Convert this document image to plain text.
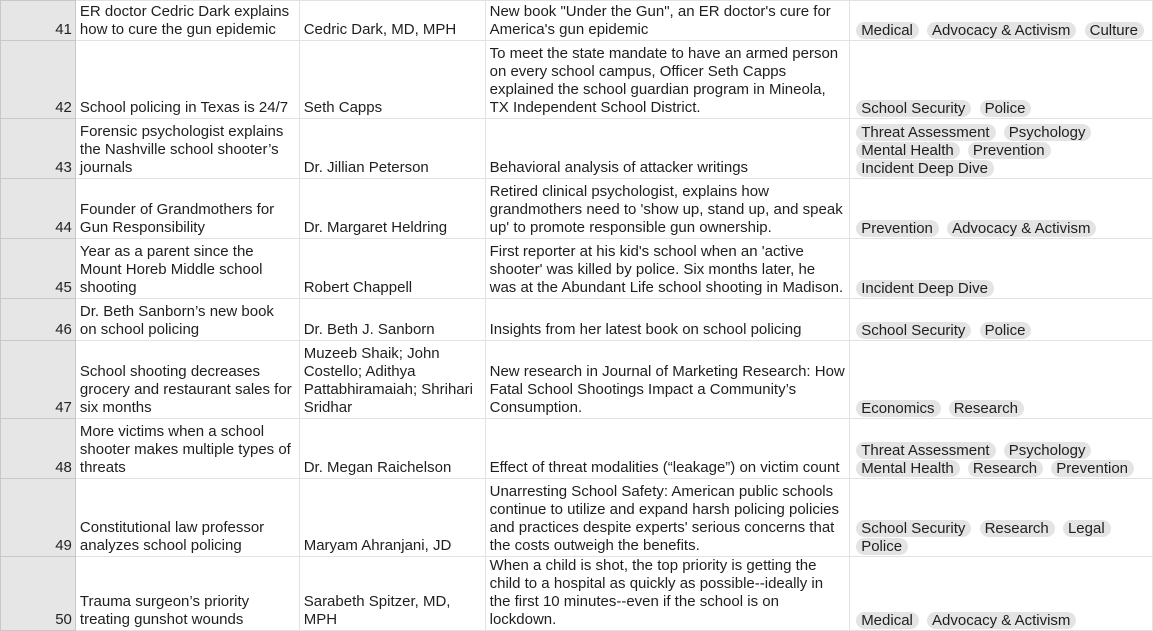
41	ER doctor Cedric Dark explains how to cure the gun epidemic	Cedric Dark, MD, MPH	New book "Under the Gun", an ER doctor's cure for America's gun epidemic	Medical Advocacy & Activism Culture

42	School policing in Texas is 24/7	Seth Capps	To meet the state mandate to have an armed person on every school campus, Officer Seth Capps explained the school guardian program in Mineola, TX Independent School District.	School Security Police

43	Forensic psychologist explains the Nashville school shooter’s journals	Dr. Jillian Peterson	Behavioral analysis of attacker writings	Threat Assessment Psychology Mental Health Prevention Incident Deep Dive

44	Founder of Grandmothers for Gun Responsibility	Dr. Margaret Heldring	Retired clinical psychologist, explains how grandmothers need to 'show up, stand up, and speak up' to promote responsible gun ownership.	Prevention Advocacy & Activism

45	Year as a parent since the Mount Horeb Middle school shooting	Robert Chappell	First reporter at his kid's school when an 'active shooter' was killed by police. Six months later, he was at the Abundant Life school shooting in Madison.	Incident Deep Dive

46	Dr. Beth Sanborn’s new book on school policing	Dr. Beth J. Sanborn	Insights from her latest book on school policing	School Security Police

47	School shooting decreases grocery and restaurant sales for six months	Muzeeb Shaik; John Costello; Adithya Pattabhiramaiah; Shrihari Sridhar	New research in Journal of Marketing Research: How Fatal School Shootings Impact a Community’s Consumption.	Economics Research

48	More victims when a school shooter makes multiple types of threats	Dr. Megan Raichelson	Effect of threat modalities (“leakage”) on victim count	Threat Assessment Psychology Mental Health Research Prevention

49	Constitutional law professor analyzes school policing	Maryam Ahranjani, JD	Unarresting School Safety: American public schools continue to utilize and expand harsh policing policies and practices despite experts' serious concerns that the costs outweigh the benefits.	School Security Research Legal Police

50	Trauma surgeon’s priority treating gunshot wounds	Sarabeth Spitzer, MD, MPH	When a child is shot, the top priority is getting the child to a hospital as quickly as possible--ideally in the first 10 minutes--even if the school is on lockdown.	Medical Advocacy & Activism
